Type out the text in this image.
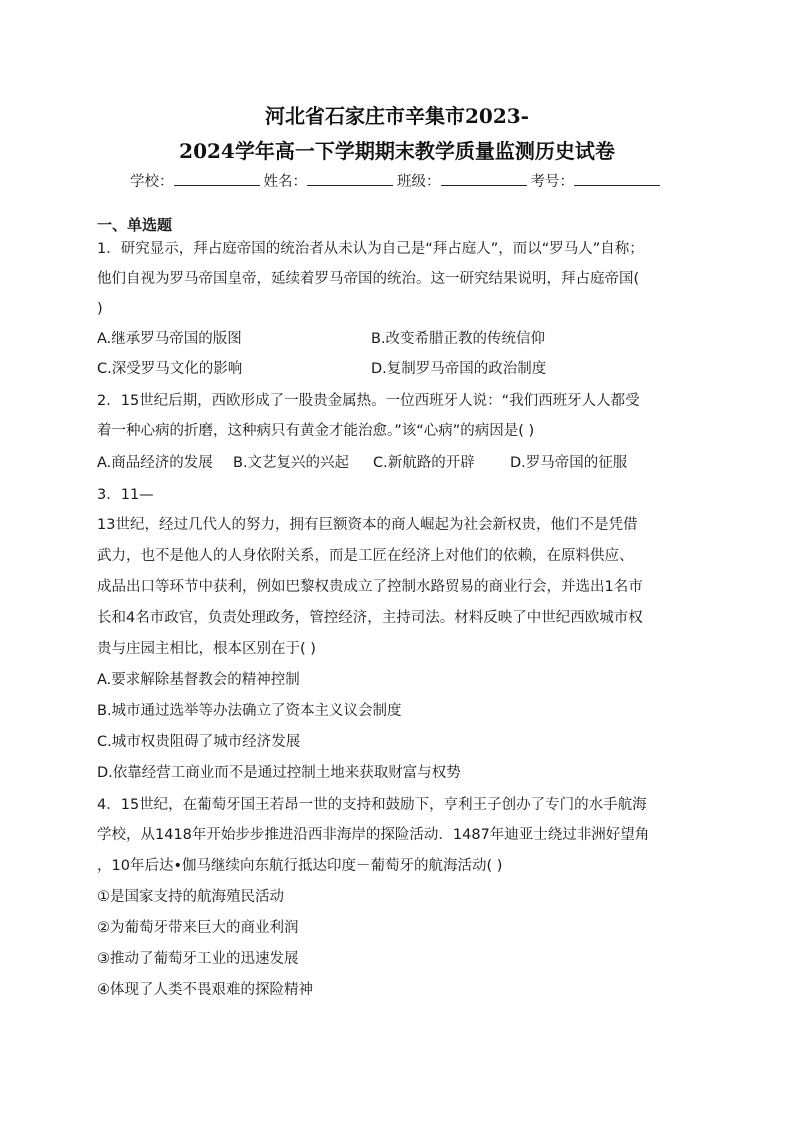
河北省石家庄市辛集市2023-
2024学年高一下学期期末教学质量监测历史试卷
学校：	姓名：	班级：	考号：
一、单选题
1．研究显示，拜占庭帝国的统治者从未认为自己是“拜占庭人”，而以“罗马人”自称；
他们自视为罗马帝国皇帝，延续着罗马帝国的统治。这一研究结果说明，拜占庭帝国(
)
A.继承罗马帝国的版图	B.改变希腊正教的传统信仰
C.深受罗马文化的影响	D.复制罗马帝国的政治制度
2．15世纪后期，西欧形成了一股贵金属热。一位西班牙人说：“我们西班牙人人都受
着一种心病的折磨，这种病只有黄金才能治愈。”该“心病”的病因是( )
A.商品经济的发展 B.文艺复兴的兴起 C.新航路的开辟 D.罗马帝国的征服
3．11—
13世纪，经过几代人的努力，拥有巨额资本的商人崛起为社会新权贵，他们不是凭借
武力，也不是他人的人身依附关系，而是工匠在经济上对他们的依赖，在原料供应、
成品出口等环节中获利，例如巴黎权贵成立了控制水路贸易的商业行会，并选出1名市
长和4名市政官，负责处理政务，管控经济，主持司法。材料反映了中世纪西欧城市权
贵与庄园主相比，根本区别在于( )
A.要求解除基督教会的精神控制
B.城市通过选举等办法确立了资本主义议会制度
C.城市权贵阻碍了城市经济发展
D.依靠经营工商业而不是通过控制土地来获取财富与权势
4．15世纪，在葡萄牙国王若昂一世的支持和鼓励下，亨利王子创办了专门的水手航海
学校，从1418年开始步步推进沿西非海岸的探险活动．1487年迪亚士绕过非洲好望角
，10年后达•伽马继续向东航行抵达印度－葡萄牙的航海活动( )
①是国家支持的航海殖民活动
②为葡萄牙带来巨大的商业利润
③推动了葡萄牙工业的迅速发展
④体现了人类不畏艰难的探险精神
